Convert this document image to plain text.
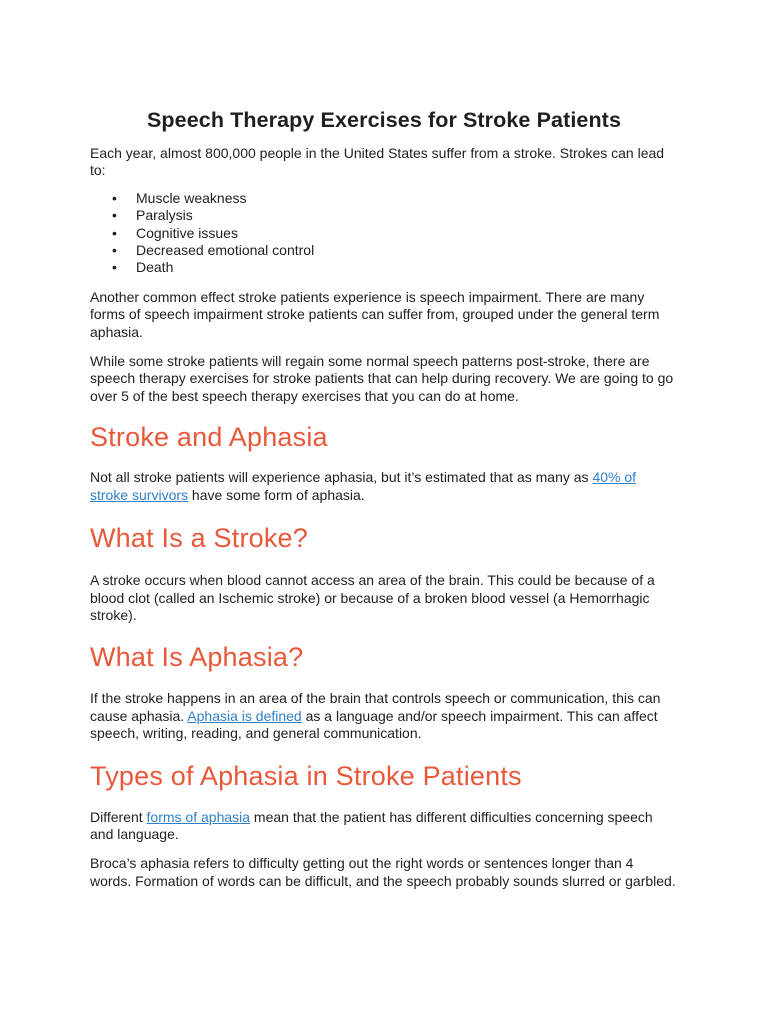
Speech Therapy Exercises for Stroke Patients

Each year, almost 800,000 people in the United States suffer from a stroke. Strokes can lead to:

• Muscle weakness
• Paralysis
• Cognitive issues
• Decreased emotional control
• Death

Another common effect stroke patients experience is speech impairment. There are many forms of speech impairment stroke patients can suffer from, grouped under the general term aphasia.

While some stroke patients will regain some normal speech patterns post-stroke, there are speech therapy exercises for stroke patients that can help during recovery. We are going to go over 5 of the best speech therapy exercises that you can do at home.

Stroke and Aphasia

Not all stroke patients will experience aphasia, but it’s estimated that as many as 40% of stroke survivors have some form of aphasia.

What Is a Stroke?

A stroke occurs when blood cannot access an area of the brain. This could be because of a blood clot (called an Ischemic stroke) or because of a broken blood vessel (a Hemorrhagic stroke).

What Is Aphasia?

If the stroke happens in an area of the brain that controls speech or communication, this can cause aphasia. Aphasia is defined as a language and/or speech impairment. This can affect speech, writing, reading, and general communication.

Types of Aphasia in Stroke Patients

Different forms of aphasia mean that the patient has different difficulties concerning speech and language.

Broca’s aphasia refers to difficulty getting out the right words or sentences longer than 4 words. Formation of words can be difficult, and the speech probably sounds slurred or garbled.
